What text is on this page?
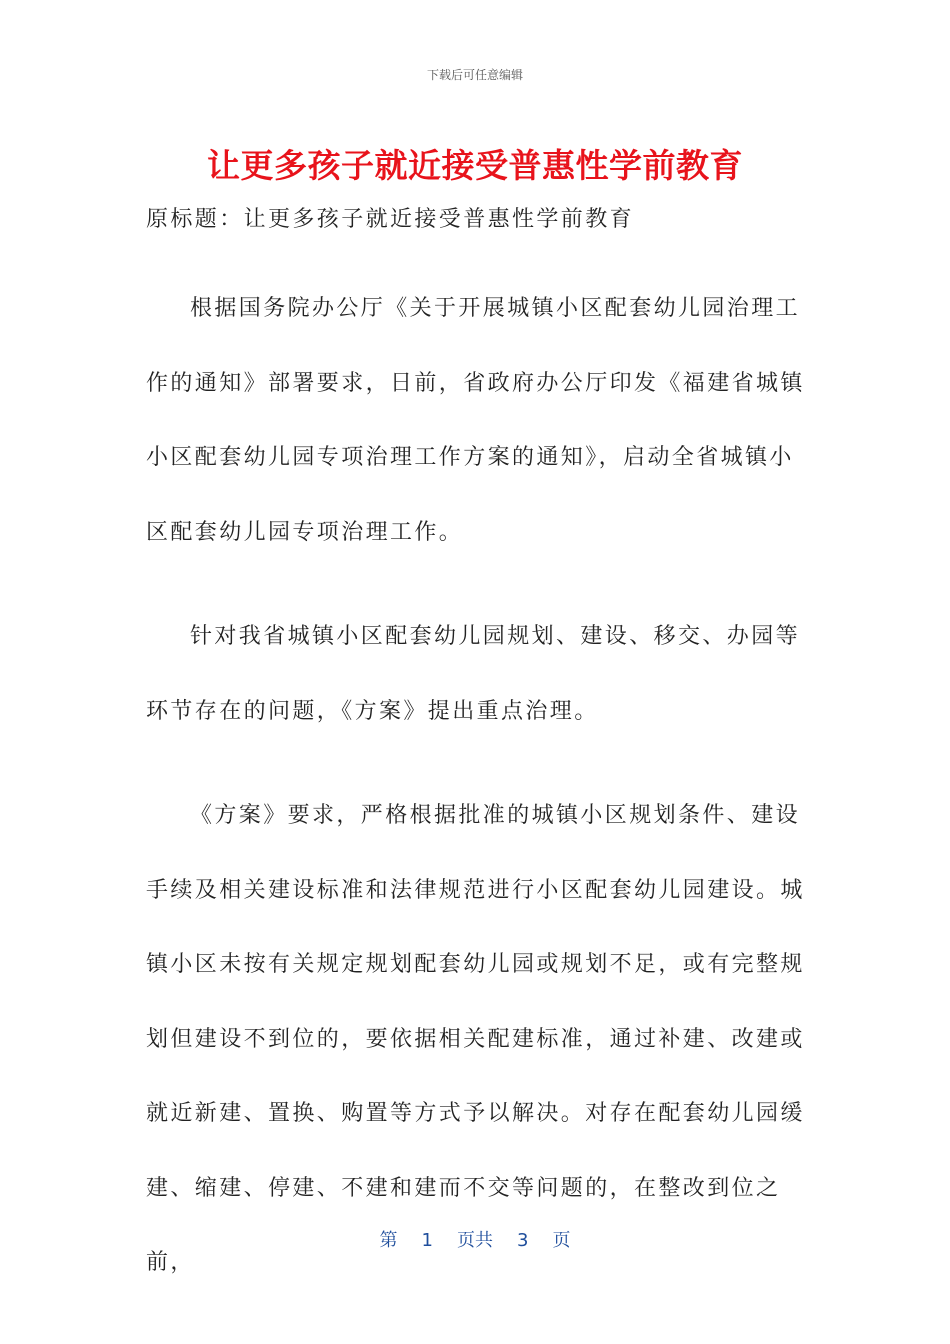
下载后可任意编辑
让更多孩子就近接受普惠性学前教育

原标题：让更多孩子就近接受普惠性学前教育

根据国务院办公厅《关于开展城镇小区配套幼儿园治理工作的通知》部署要求，日前，省政府办公厅印发《福建省城镇小区配套幼儿园专项治理工作方案的通知》，启动全省城镇小区配套幼儿园专项治理工作。

针对我省城镇小区配套幼儿园规划、建设、移交、办园等环节存在的问题，《方案》提出重点治理。

《方案》要求，严格根据批准的城镇小区规划条件、建设手续及相关建设标准和法律规范进行小区配套幼儿园建设。城镇小区未按有关规定规划配套幼儿园或规划不足，或有完整规划但建设不到位的，要依据相关配建标准，通过补建、改建或就近新建、置换、购置等方式予以解决。对存在配套幼儿园缓建、缩建、停建、不建和建而不交等问题的，在整改到位之前，

第 1 页共 3 页
